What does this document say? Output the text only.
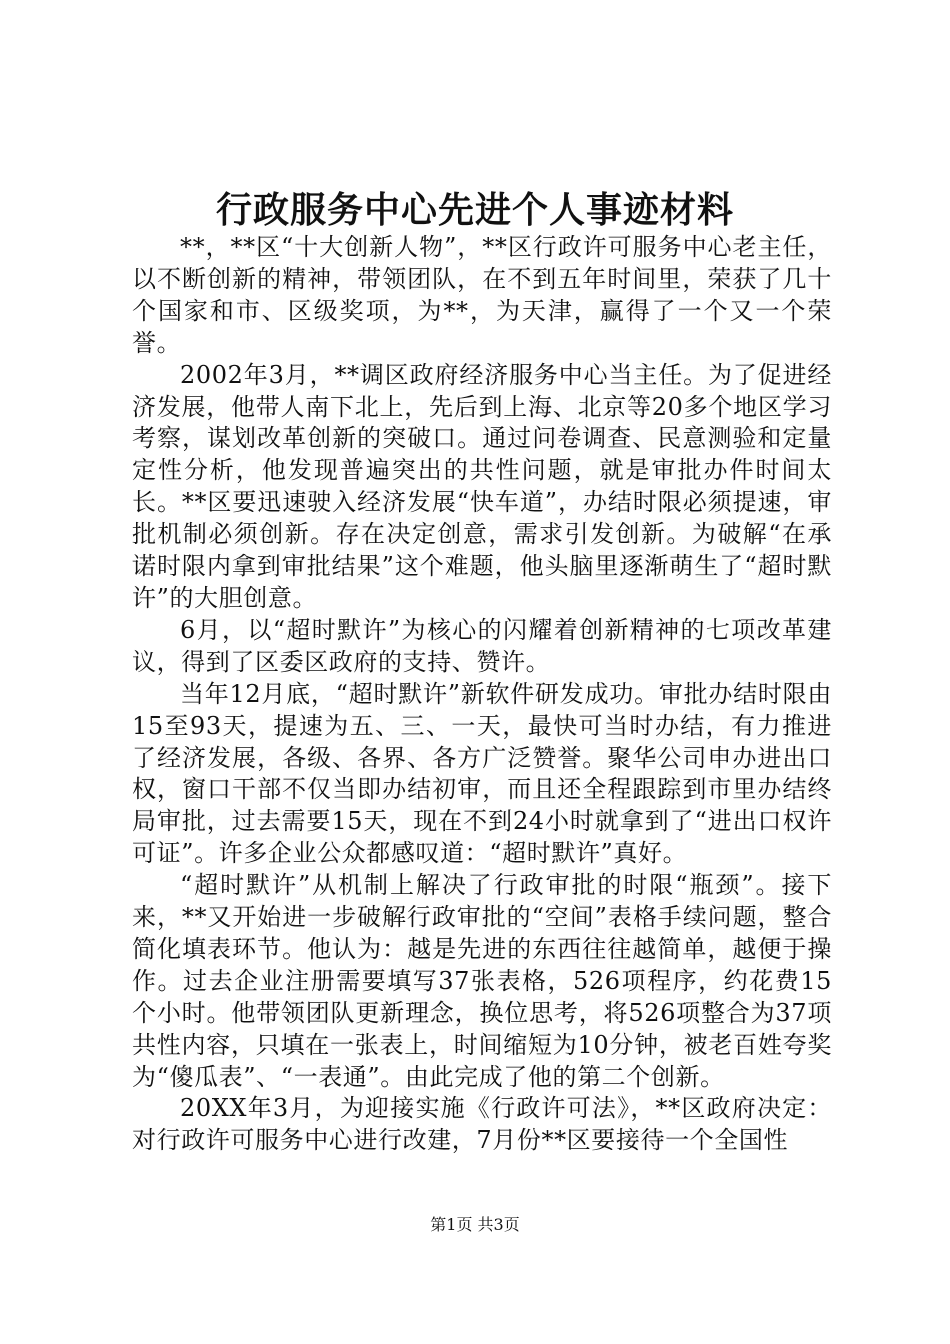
行政服务中心先进个人事迹材料

**，**区“十大创新人物”，**区行政许可服务中心老主任，以不断创新的精神，带领团队，在不到五年时间里，荣获了几十个国家和市、区级奖项，为**，为天津，赢得了一个又一个荣誉。

2002年3月，**调区政府经济服务中心当主任。为了促进经济发展，他带人南下北上，先后到上海、北京等20多个地区学习考察，谋划改革创新的突破口。通过问卷调查、民意测验和定量定性分析，他发现普遍突出的共性问题，就是审批办件时间太长。**区要迅速驶入经济发展“快车道”，办结时限必须提速，审批机制必须创新。存在决定创意，需求引发创新。为破解“在承诺时限内拿到审批结果”这个难题，他头脑里逐渐萌生了“超时默许”的大胆创意。

6月，以“超时默许”为核心的闪耀着创新精神的七项改革建议，得到了区委区政府的支持、赞许。

当年12月底，“超时默许”新软件研发成功。审批办结时限由15至93天，提速为五、三、一天，最快可当时办结，有力推进了经济发展，各级、各界、各方广泛赞誉。聚华公司申办进出口权，窗口干部不仅当即办结初审，而且还全程跟踪到市里办结终局审批，过去需要15天，现在不到24小时就拿到了“进出口权许可证”。许多企业公众都感叹道：“超时默许”真好。

“超时默许”从机制上解决了行政审批的时限“瓶颈”。接下来，**又开始进一步破解行政审批的“空间”表格手续问题，整合简化填表环节。他认为：越是先进的东西往往越简单，越便于操作。过去企业注册需要填写37张表格，526项程序，约花费15个小时。他带领团队更新理念，换位思考，将526项整合为37项共性内容，只填在一张表上，时间缩短为10分钟，被老百姓夸奖为“傻瓜表”、“一表通”。由此完成了他的第二个创新。

20XX年3月，为迎接实施《行政许可法》，**区政府决定：对行政许可服务中心进行改建，7月份**区要接待一个全国性

第1页 共3页
